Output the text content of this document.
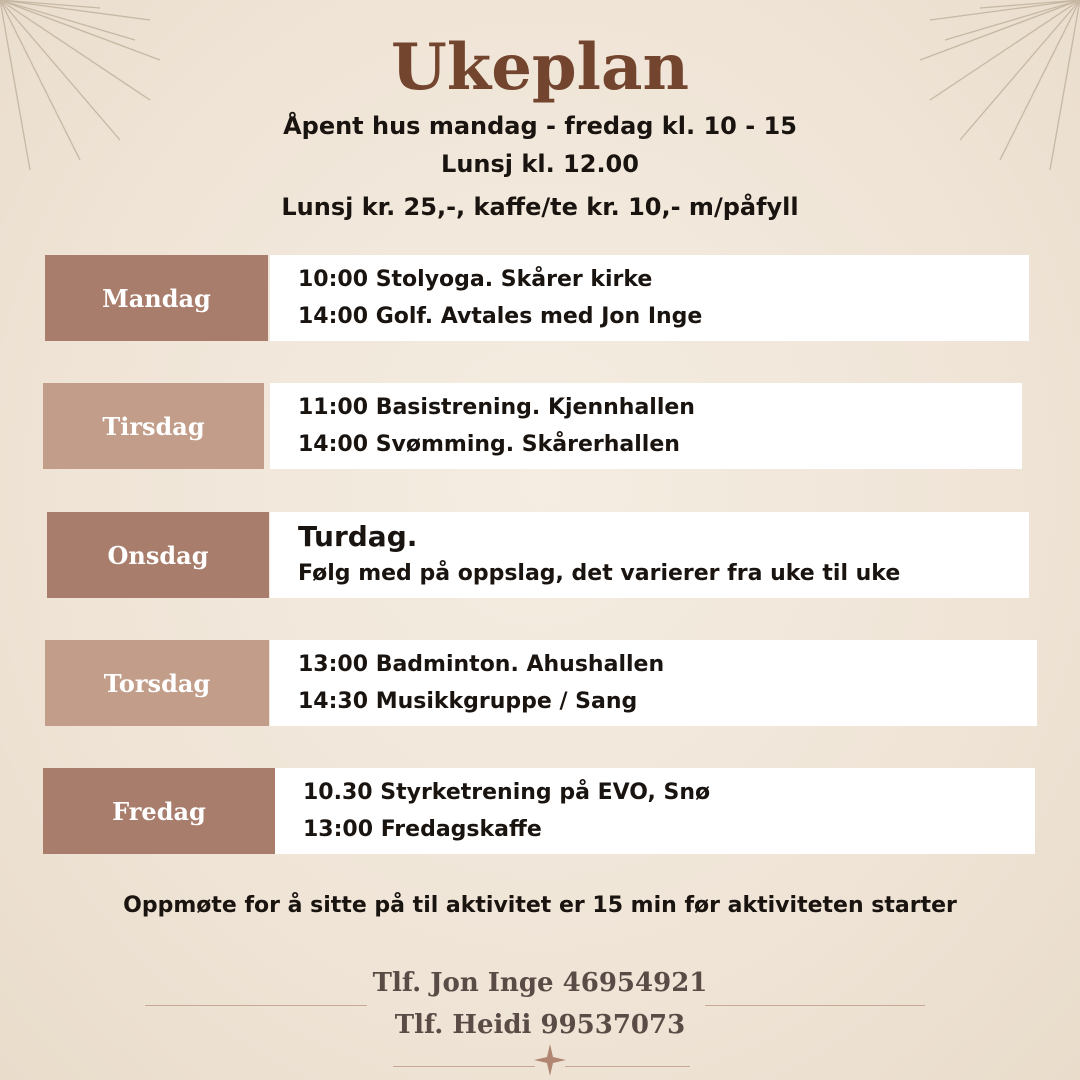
Ukeplan
Åpent hus mandag - fredag kl. 10 - 15
Lunsj kl. 12.00
Lunsj kr. 25,-, kaffe/te kr. 10,- m/påfyll
Mandag
10:00 Stolyoga. Skårer kirke
14:00 Golf. Avtales med Jon Inge
Tirsdag
11:00 Basistrening. Kjennhallen
14:00 Svømming. Skårerhallen
Onsdag
Turdag.
Følg med på oppslag, det varierer fra uke til uke
Torsdag
13:00 Badminton. Ahushallen
14:30 Musikkgruppe / Sang
Fredag
10.30 Styrketrening på EVO, Snø
13:00 Fredagskaffe
Oppmøte for å sitte på til aktivitet er 15 min før aktiviteten starter
Tlf. Jon Inge 46954921
Tlf. Heidi 99537073
